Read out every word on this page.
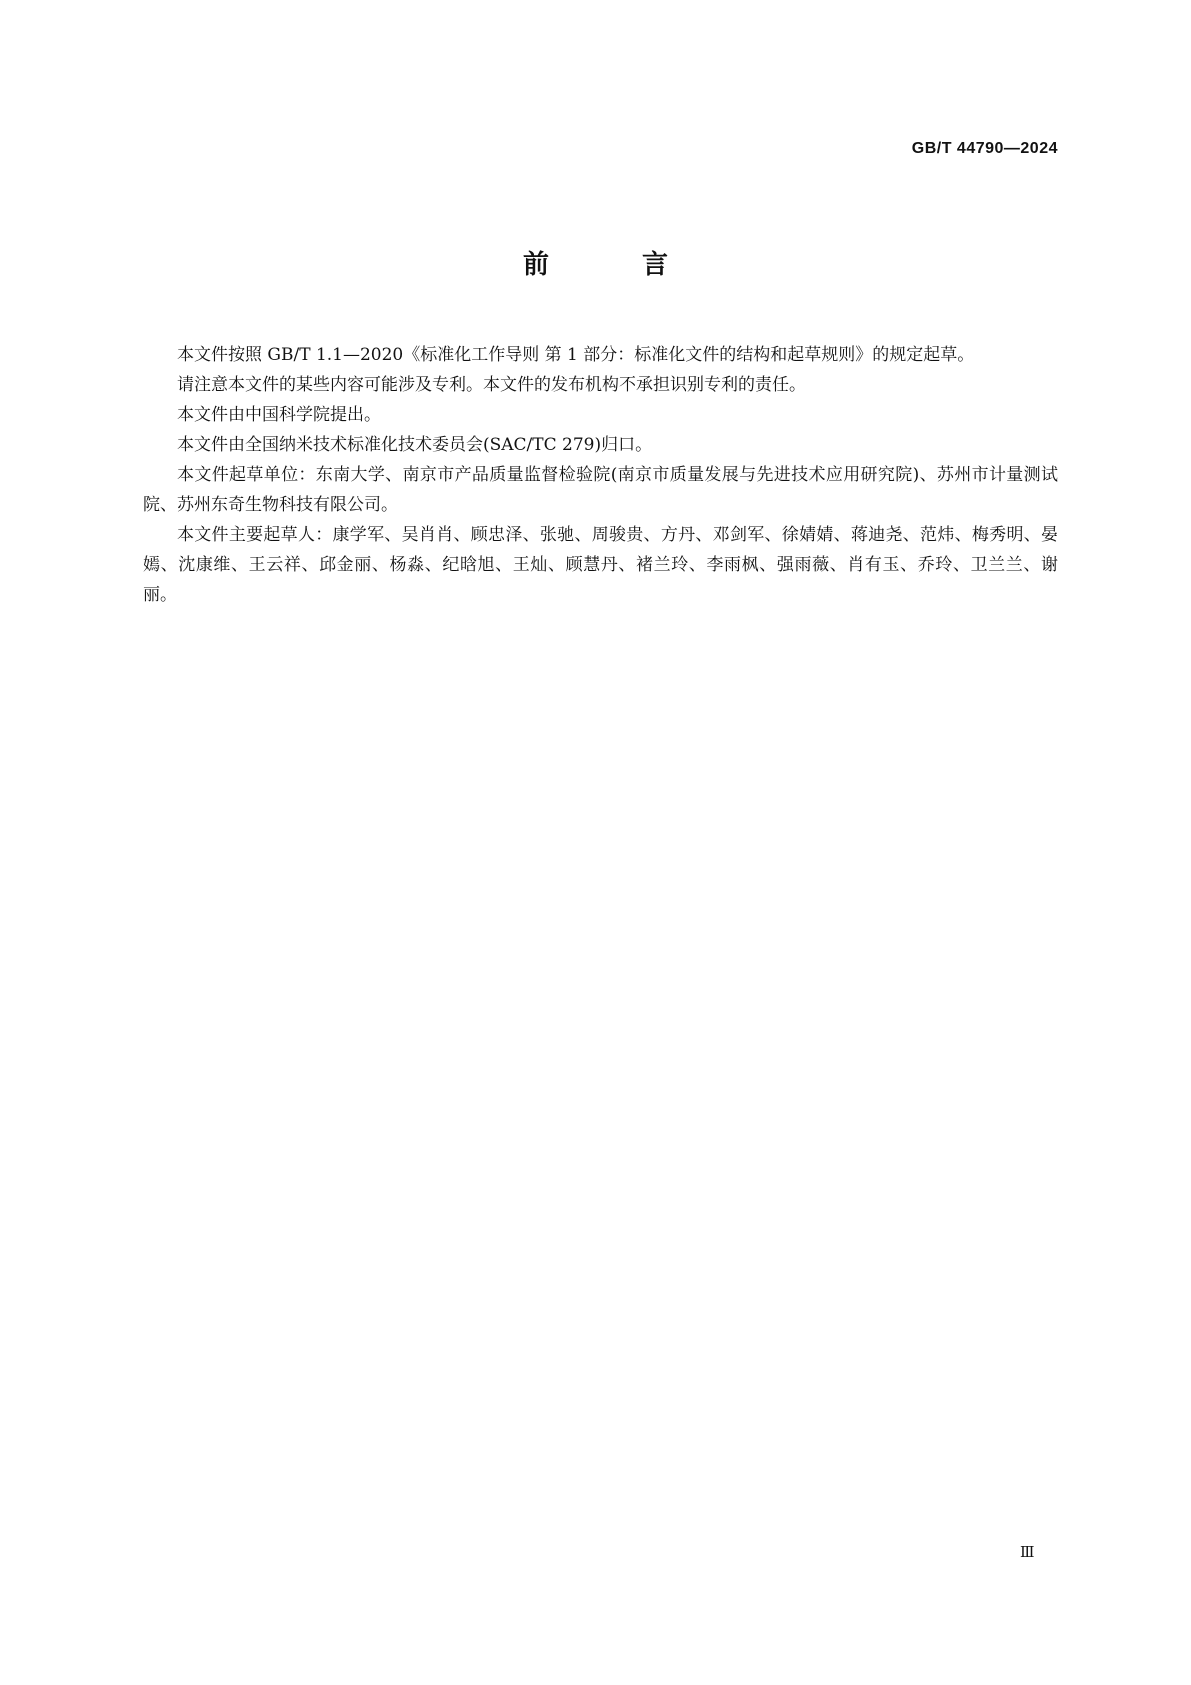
GB/T 44790—2024
前 言

本文件按照 GB/T 1.1—2020《标准化工作导则 第 1 部分：标准化文件的结构和起草规则》的规定起草。

请注意本文件的某些内容可能涉及专利。本文件的发布机构不承担识别专利的责任。

本文件由中国科学院提出。

本文件由全国纳米技术标准化技术委员会(SAC/TC 279)归口。

本文件起草单位：东南大学、南京市产品质量监督检验院(南京市质量发展与先进技术应用研究院)、苏州市计量测试院、苏州东奇生物科技有限公司。

本文件主要起草人：康学军、吴肖肖、顾忠泽、张驰、周骏贵、方丹、邓剑军、徐婧婧、蒋迪尧、范炜、梅秀明、晏嫣、沈康维、王云祥、邱金丽、杨淼、纪晗旭、王灿、顾慧丹、褚兰玲、李雨枫、强雨薇、肖有玉、乔玲、卫兰兰、谢丽。

Ⅲ
